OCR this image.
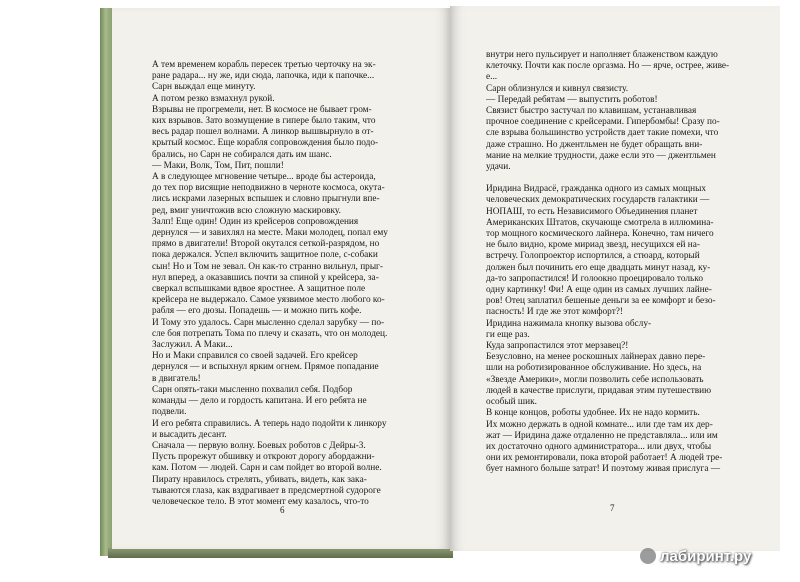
А тем временем корабль пересек третью черточку на эк-
ране радара... ну же, иди сюда, лапочка, иди к папочке...
Сарн выждал еще минуту.
А потом резко взмахнул рукой.
Взрывы не прогремели, нет. В космосе не бывает гром-
ких взрывов. Зато возмущение в гипере было таким, что
весь радар пошел волнами. А линкор вышвырнуло в от-
крытый космос. Еще корабля сопровождения было подо-
брались, но Сарн не собирался дать им шанс.
— Маки, Волк, Том, Пит, пошли!
А в следующее мгновение четыре... вроде бы астероида,
до тех пор висящие неподвижно в черноте космоса, окута-
лись искрами лазерных вспышек и словно прыгнули впе-
ред, вмиг уничтожив всю сложную маскировку.
Залп! Еще один! Один из крейсеров сопровождения
дернулся — и завихлял на месте. Маки молодец, попал ему
прямо в двигатели! Второй окутался сеткой-разрядом, но
пока держался. Успел включить защитное поле, с-собаки
сын! Но и Том не зевал. Он как-то странно вильнул, прыг-
нул вперед, а оказавшись почти за спиной у крейсера, за-
сверкал вспышками вдвое яростнее. А защитное поле
крейсера не выдержало. Самое уязвимое место любого ко-
рабля — его дюзы. Попадешь — и можно пить кофе.
И Тому это удалось. Сарн мысленно сделал зарубку — по-
сле боя потрепать Тома по плечу и сказать, что он молодец.
Заслужил. А Маки...
Но и Маки справился со своей задачей. Его крейсер
дернулся — и вспыхнул ярким огнем. Прямое попадание
в двигатель!
Сарн опять-таки мысленно похвалил себя. Подбор
команды — дело и гордость капитана. И его ребята не
подвели.
И его ребята справились. А теперь надо подойти к линкору
и высадить десант.
Сначала — первую волну. Боевых роботов с Дейры-3.
Пусть прорежут обшивку и откроют дорогу абордажни-
кам. Потом — людей. Сарн и сам пойдет во второй волне.
Пирату нравилось стрелять, убивать, видеть, как закa-
тываются глаза, как вздрагивает в предсмертной судороге
человеческое тело. В этот момент ему казалось, что-то
6
внутри него пульсирует и наполняет блаженством каждую
клеточку. Почти как после оргазма. Но — ярче, острее, живе-
е...
Сарн облизнулся и кивнул связисту.
— Передай ребятам — выпустить роботов!
Связист быстро застучал по клавишам, устанавливая
прочное соединение с крейсерами. Гипербомбы! Сразу по-
сле взрыва большинство устройств дает такие помехи, что
даже страшно. Но джентльмен не будет обращать вни-
мание на мелкие трудности, даже если это — джентльмен
удачи.
Иридина Видрасё, гражданка одного из самых мощных
человеческих демократических государств галактики —
НОПАШ, то есть Независимого Объединения планет
Американских Штатов, скучающе смотрела в иллюмина-
тор мощного космического лайнера. Конечно, там ничего
не было видно, кроме мириад звезд, несущихся ей на-
встречу. Голопроектор испортился, а стюард, который
должен был починить его еще двадцать минут назад, ку-
да-то запропастился! И голоокно проецировало только
одну картинку! Фи! А еще один из самых лучших лайне-
ров! Отец заплатил бешеные деньги за ее комфорт и безо-
пасность! И где же этот комфорт?!
Иридина нажимала кнопку вызова обслу-
ги еще раз.
Куда запропастился этот мерзавец?!
Безусловно, на менее роскошных лайнерах давно пере-
шли на роботизированное обслуживание. Но здесь, на
«Звезде Америки», могли позволить себе использовать
людей в качестве прислуги, придавая этим путешествию
особый шик.
В конце концов, роботы удобнее. Их не надо кормить.
Их можно держать в одной комнате... или где там их дер-
жат — Иридина даже отдаленно не представляла... или им
их достаточно одного администратора... или двух, чтобы
они их ремонтировали, пока второй работает! А людей тре-
бует намного больше затрат! И поэтому живая прислуга —
7
лабиринт.ру
